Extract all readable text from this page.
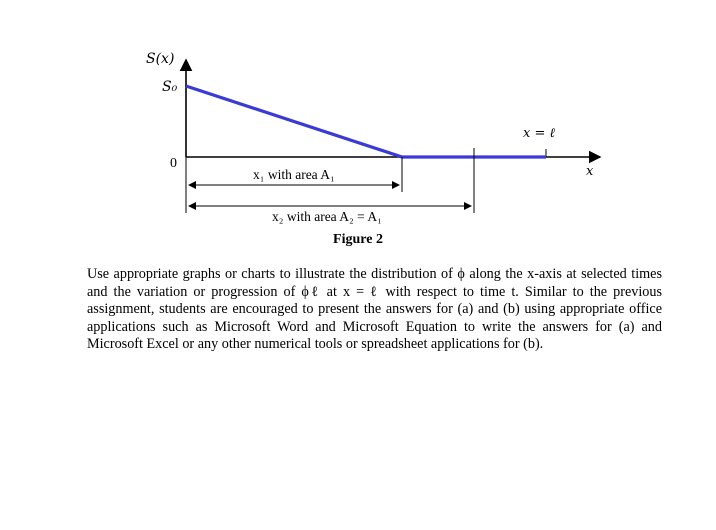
S(x)
S₀
0
x = ℓ
x
x₁ with area A₁
x₂ with area A₂ = A₁
Figure 2

Use appropriate graphs or charts to illustrate the distribution of ϕ along the x-axis at selected times and the variation or progression of ϕℓ at x = ℓ with respect to time t. Similar to the previous assignment, students are encouraged to present the answers for (a) and (b) using appropriate office applications such as Microsoft Word and Microsoft Equation to write the answers for (a) and Microsoft Excel or any other numerical tools or spreadsheet applications for (b).
